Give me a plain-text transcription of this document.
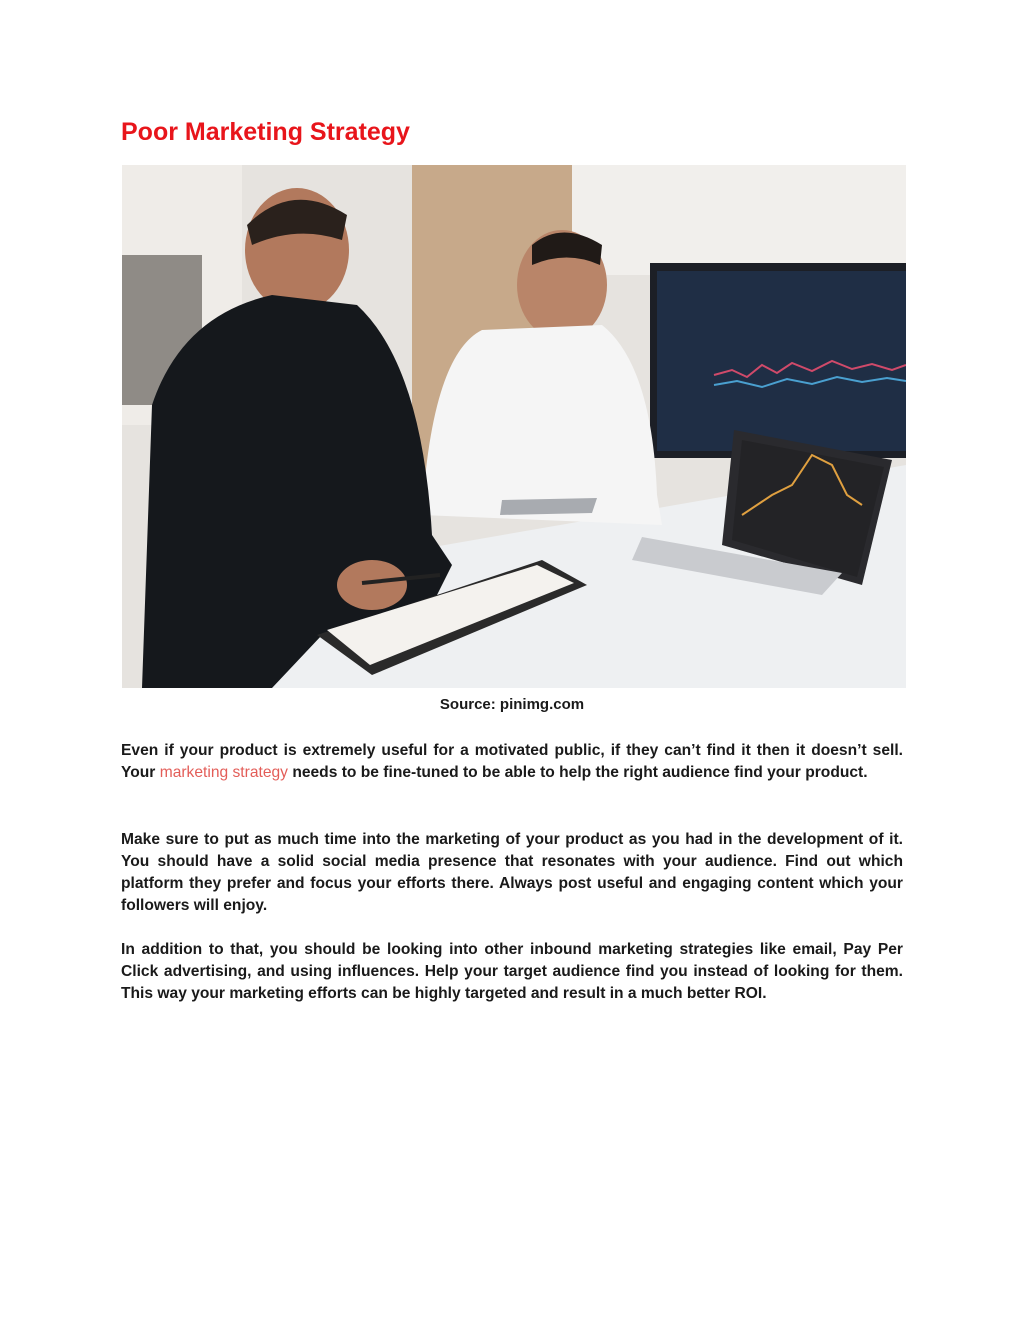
Poor Marketing Strategy
Source: pinimg.com

Even if your product is extremely useful for a motivated public, if they can’t find it then it doesn’t sell. Your marketing strategy needs to be fine-tuned to be able to help the right audience find your product.

Make sure to put as much time into the marketing of your product as you had in the development of it. You should have a solid social media presence that resonates with your audience. Find out which platform they prefer and focus your efforts there. Always post useful and engaging content which your followers will enjoy.

In addition to that, you should be looking into other inbound marketing strategies like email, Pay Per Click advertising, and using influences. Help your target audience find you instead of looking for them. This way your marketing efforts can be highly targeted and result in a much better ROI.
